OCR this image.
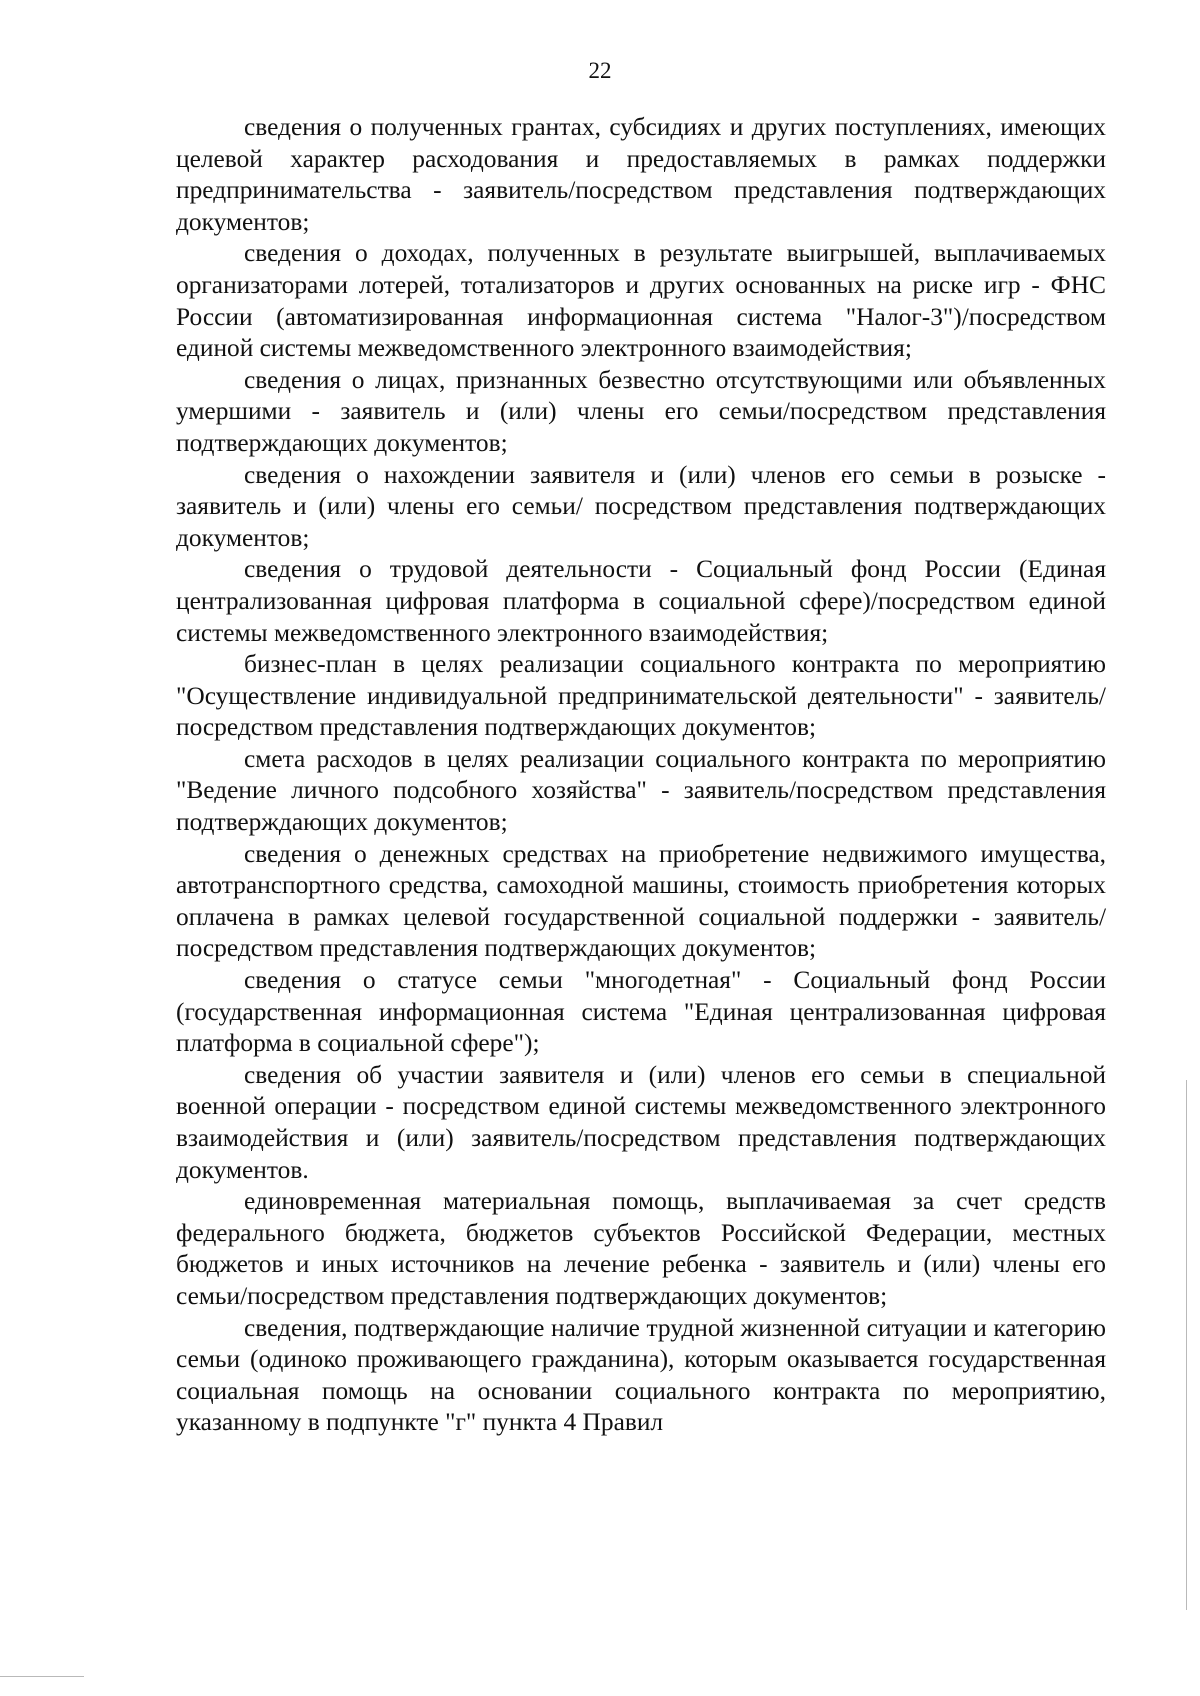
22

сведения о полученных грантах, субсидиях и других поступлениях, имеющих целевой характер расходования и предоставляемых в рамках поддержки предпринимательства - заявитель/посредством представления подтверждающих документов;

сведения о доходах, полученных в результате выигрышей, выплачиваемых организаторами лотерей, тотализаторов и других основанных на риске игр - ФНС России (автоматизированная информационная система "Налог-3")/посредством единой системы межведомственного электронного взаимодействия;

сведения о лицах, признанных безвестно отсутствующими или объявленных умершими - заявитель и (или) члены его семьи/посредством представления подтверждающих документов;

сведения о нахождении заявителя и (или) членов его семьи в розыске - заявитель и (или) члены его семьи/ посредством представления подтверждающих документов;

сведения о трудовой деятельности - Социальный фонд России (Единая централизованная цифровая платформа в социальной сфере)/посредством единой системы межведомственного электронного взаимодействия;

бизнес-план в целях реализации социального контракта по мероприятию "Осуществление индивидуальной предпринимательской деятельности" - заявитель/посредством представления подтверждающих документов;

смета расходов в целях реализации социального контракта по мероприятию "Ведение личного подсобного хозяйства" - заявитель/посредством представления подтверждающих документов;

сведения о денежных средствах на приобретение недвижимого имущества, автотранспортного средства, самоходной машины, стоимость приобретения которых оплачена в рамках целевой государственной социальной поддержки - заявитель/посредством представления подтверждающих документов;

сведения о статусе семьи "многодетная" - Социальный фонд России (государственная информационная система "Единая централизованная цифровая платформа в социальной сфере");

сведения об участии заявителя и (или) членов его семьи в специальной военной операции - посредством единой системы межведомственного электронного взаимодействия и (или) заявитель/посредством представления подтверждающих документов.

единовременная материальная помощь, выплачиваемая за счет средств федерального бюджета, бюджетов субъектов Российской Федерации, местных бюджетов и иных источников на лечение ребенка - заявитель и (или) члены его семьи/посредством представления подтверждающих документов;

сведения, подтверждающие наличие трудной жизненной ситуации и категорию семьи (одиноко проживающего гражданина), которым оказывается государственная социальная помощь на основании социального контракта по мероприятию, указанному в подпункте "г" пункта 4 Правил
